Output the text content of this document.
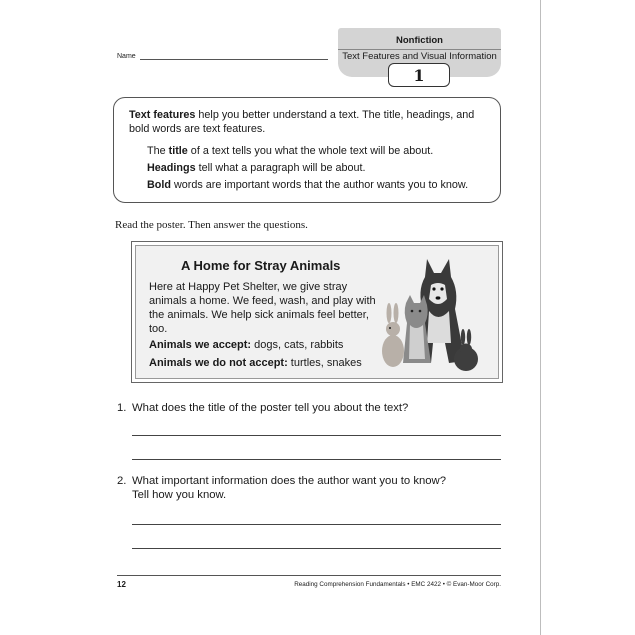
Name
Nonfiction
Text Features and Visual Information
1
Text features help you better understand a text. The title, headings, and bold words are text features.
The title of a text tells you what the whole text will be about.
Headings tell what a paragraph will be about.
Bold words are important words that the author wants you to know.
Read the poster. Then answer the questions.
A Home for Stray Animals
Here at Happy Pet Shelter, we give stray animals a home. We feed, wash, and play with the animals. We help sick animals feel better, too.
Animals we accept: dogs, cats, rabbits
Animals we do not accept: turtles, snakes
1. What does the title of the poster tell you about the text?
2. What important information does the author want you to know?
Tell how you know.
12	Reading Comprehension Fundamentals • EMC 2422 • © Evan-Moor Corp.
